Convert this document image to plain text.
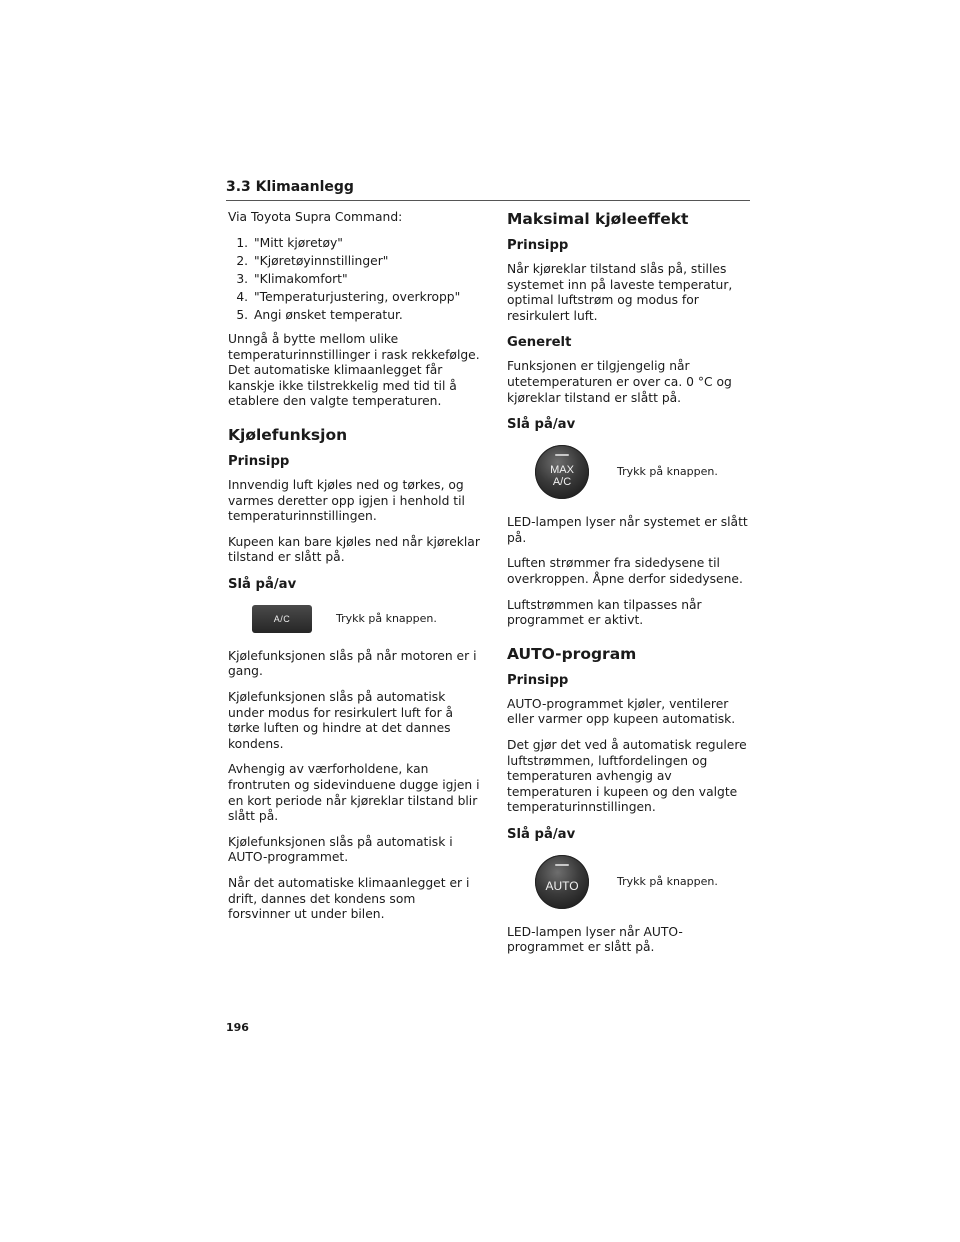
3.3 Klimaanlegg

Via Toyota Supra Command:

1. "Mitt kjøretøy"
2. "Kjøretøyinnstillinger"
3. "Klimakomfort"
4. "Temperaturjustering, overkropp"
5. Angi ønsket temperatur.

Unngå å bytte mellom ulike temperaturinnstillinger i rask rekkefølge. Det automatiske klimaanlegget får kanskje ikke tilstrekkelig med tid til å etablere den valgte temperaturen.

Kjølefunksjon
Prinsipp

Innvendig luft kjøles ned og tørkes, og varmes deretter opp igjen i henhold til temperaturinnstillingen.

Kupeen kan bare kjøles ned når kjøreklar tilstand er slått på.

Slå på/av
A/C	Trykk på knappen.

Kjølefunksjonen slås på når motoren er i gang.

Kjølefunksjonen slås på automatisk under modus for resirkulert luft for å tørke luften og hindre at det dannes kondens.

Avhengig av værforholdene, kan frontruten og sidevinduene dugge igjen i en kort periode når kjøreklar tilstand blir slått på.

Kjølefunksjonen slås på automatisk i AUTO-programmet.

Når det automatiske klimaanlegget er i drift, dannes det kondens som forsvinner ut under bilen.

Maksimal kjøleeffekt
Prinsipp

Når kjøreklar tilstand slås på, stilles systemet inn på laveste temperatur, optimal luftstrøm og modus for resirkulert luft.

Generelt

Funksjonen er tilgjengelig når utetemperaturen er over ca. 0 °C og kjøreklar tilstand er slått på.

Slå på/av
MAX
A/C
Trykk på knappen.

LED-lampen lyser når systemet er slått på.

Luften strømmer fra sidedysene til overkroppen. Åpne derfor sidedysene.

Luftstrømmen kan tilpasses når programmet er aktivt.

AUTO-program
Prinsipp

AUTO-programmet kjøler, ventilerer eller varmer opp kupeen automatisk.

Det gjør det ved å automatisk regulere luftstrømmen, luftfordelingen og temperaturen avhengig av temperaturen i kupeen og den valgte temperaturinnstillingen.

Slå på/av
AUTO	Trykk på knappen.

LED-lampen lyser når AUTO-programmet er slått på.

196
